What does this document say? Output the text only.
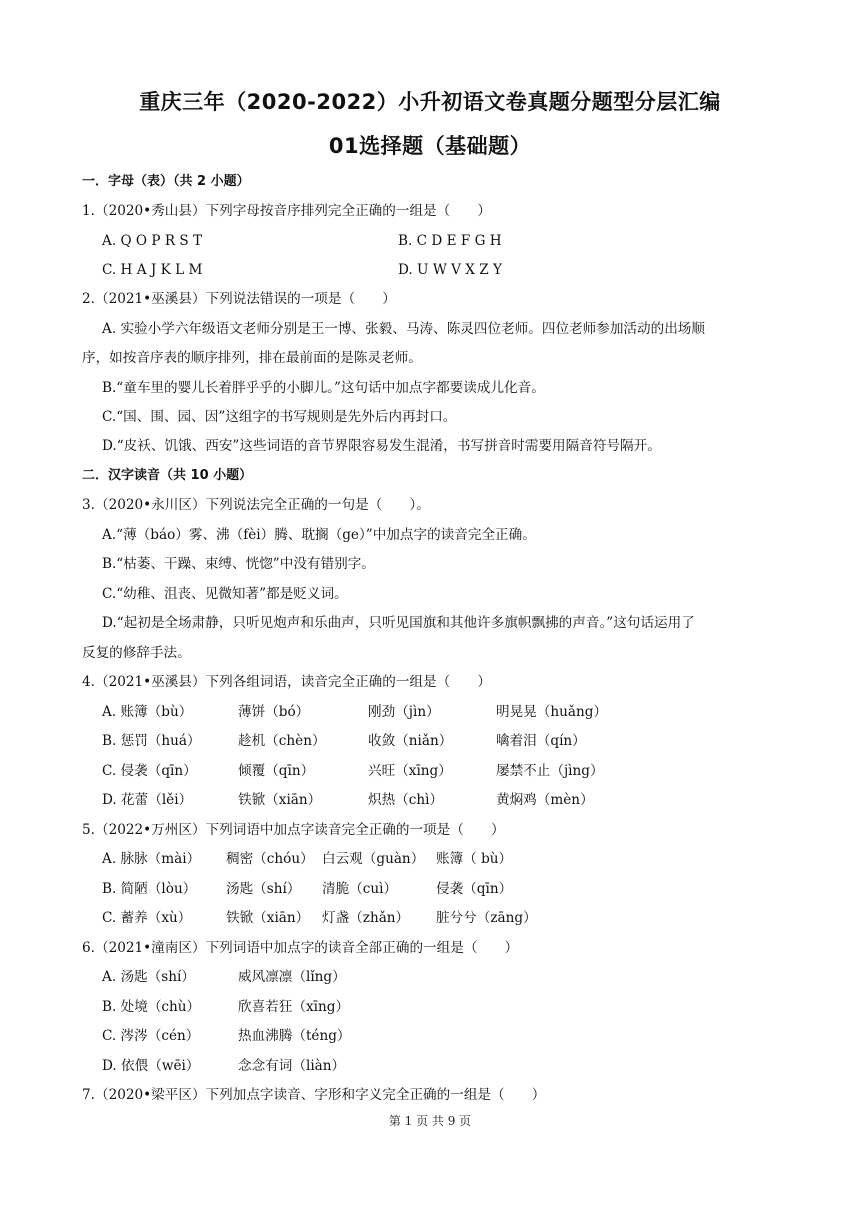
重庆三年（2020-2022）小升初语文卷真题分题型分层汇编
01选择题（基础题）
一．字母（表）（共 2 小题）
1.（2020•秀山县）下列字母按音序排列完全正确的一组是（　　）
A. Q O P R S T	B. C D E F G H
C. H A J K L M	D. U W V X Z Y
2.（2021•巫溪县）下列说法错误的一项是（　　）
A. 实验小学六年级语文老师分别是王一博、张毅、马涛、陈灵四位老师。四位老师参加活动的出场顺
序，如按音序表的顺序排列，排在最前面的是陈灵老师。
B.“童车里的婴儿长着胖乎乎的小脚儿。”这句话中加点字都要读成儿化音。
C.“国、围、园、因”这组字的书写规则是先外后内再封口。
D.“皮袄、饥饿、西安”这些词语的音节界限容易发生混淆，书写拼音时需要用隔音符号隔开。
二．汉字读音（共 10 小题）
3.（2020•永川区）下列说法完全正确的一句是（　　）。
A.“薄（báo）雾、沸（fèi）腾、耽搁（ge）”中加点字的读音完全正确。
B.“枯萎、干躁、束缚、恍惚”中没有错别字。
C.“幼稚、沮丧、见微知著”都是贬义词。
D.“起初是全场肃静，只听见炮声和乐曲声，只听见国旗和其他许多旗帜飘拂的声音。”这句话运用了
反复的修辞手法。
4.（2021•巫溪县）下列各组词语，读音完全正确的一组是（　　）
A. 账簿（bù）	薄饼（bó）	刚劲（jìn）	明晃晃（huǎng）
B. 惩罚（huá）	趁机（chèn）	收敛（niǎn）	噙着泪（qín）
C. 侵袭（qīn）	倾覆（qīn）	兴旺（xīng）	屡禁不止（jìng）
D. 花蕾（lěi）	铁锨（xiān）	炽热（chì）	黄焖鸡（mèn）
5.（2022•万州区）下列词语中加点字读音完全正确的一项是（　　）
A. 脉脉（mài） 稠密（chóu） 白云观（guàn） 账簿（ bù）
B. 简陋（lòu） 汤匙（shí） 清脆（cuì）	侵袭（qīn）
C. 蓄养（xù）	铁锨（xiān） 灯盏（zhǎn） 脏兮兮（zāng）
6.（2021•潼南区）下列词语中加点字的读音全部正确的一组是（　　）
A. 汤匙（shí）	威风凛凛（lǐng）
B. 处境（chù）	欣喜若狂（xīng）
C. 涔涔（cén）	热血沸腾（téng）
D. 依偎（wēi）	念念有词（liàn）
7.（2020•梁平区）下列加点字读音、字形和字义完全正确的一组是（　　）
第 1 页 共 9 页
